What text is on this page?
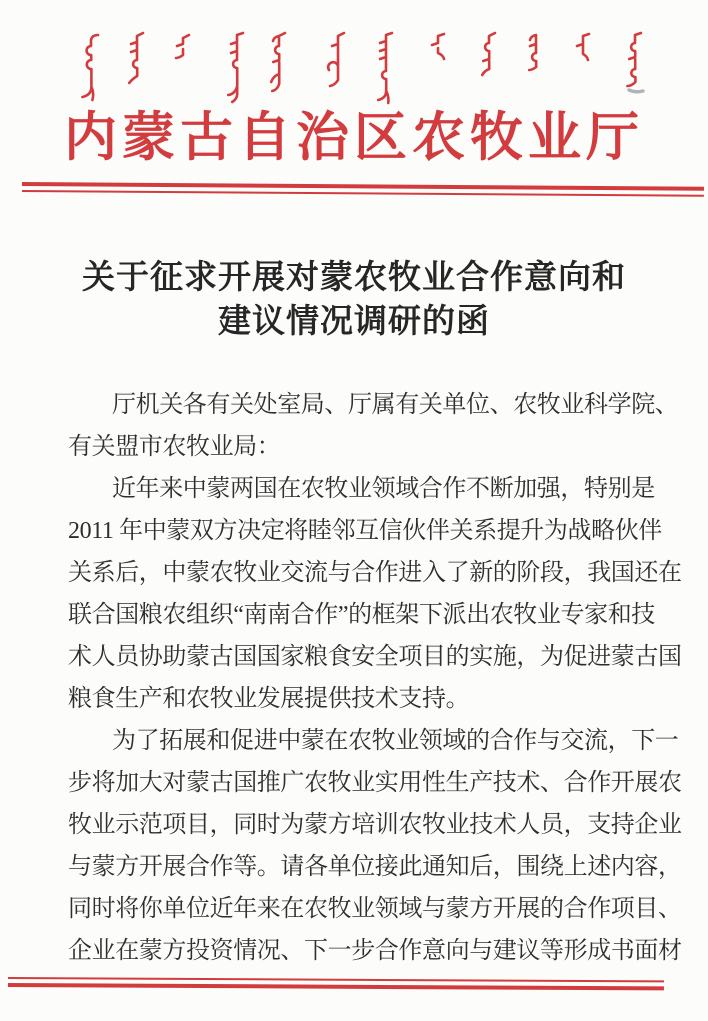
内蒙古自治区农牧业厅
关于征求开展对蒙农牧业合作意向和
建议情况调研的函
厅机关各有关处室局、厅属有关单位、农牧业科学院、
有关盟市农牧业局：
近年来中蒙两国在农牧业领域合作不断加强，特别是
2011 年中蒙双方决定将睦邻互信伙伴关系提升为战略伙伴
关系后，中蒙农牧业交流与合作进入了新的阶段，我国还在
联合国粮农组织“南南合作”的框架下派出农牧业专家和技
术人员协助蒙古国国家粮食安全项目的实施，为促进蒙古国
粮食生产和农牧业发展提供技术支持。
为了拓展和促进中蒙在农牧业领域的合作与交流，下一
步将加大对蒙古国推广农牧业实用性生产技术、合作开展农
牧业示范项目，同时为蒙方培训农牧业技术人员，支持企业
与蒙方开展合作等。请各单位接此通知后，围绕上述内容，
同时将你单位近年来在农牧业领域与蒙方开展的合作项目、
企业在蒙方投资情况、下一步合作意向与建议等形成书面材
